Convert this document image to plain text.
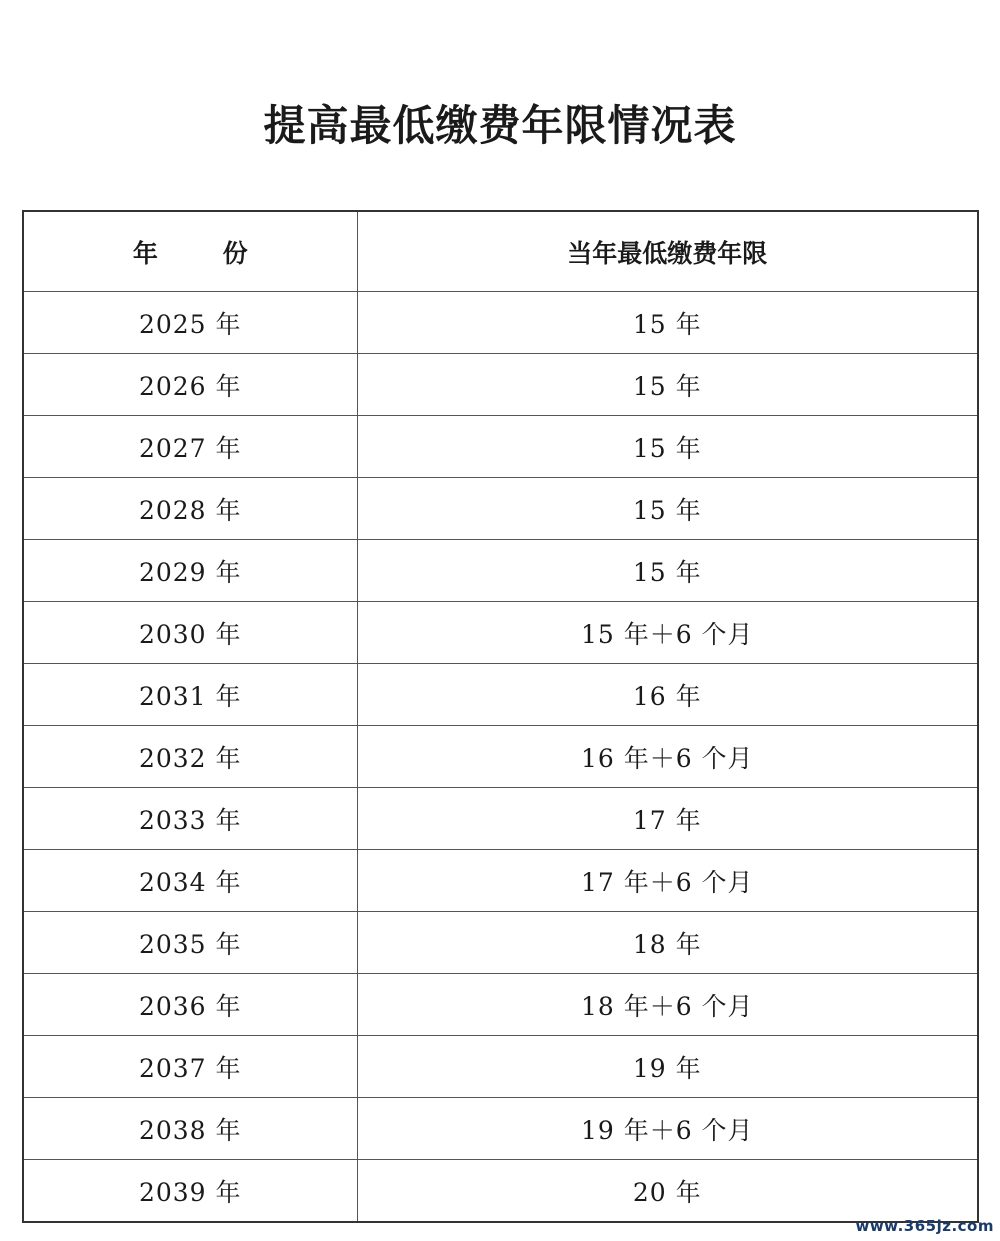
提高最低缴费年限情况表
年 份	当年最低缴费年限
2025 年	15 年
2026 年	15 年
2027 年	15 年
2028 年	15 年
2029 年	15 年
2030 年	15 年＋6 个月
2031 年	16 年
2032 年	16 年＋6 个月
2033 年	17 年
2034 年	17 年＋6 个月
2035 年	18 年
2036 年	18 年＋6 个月
2037 年	19 年
2038 年	19 年＋6 个月
2039 年	20 年
www.365jz.com
